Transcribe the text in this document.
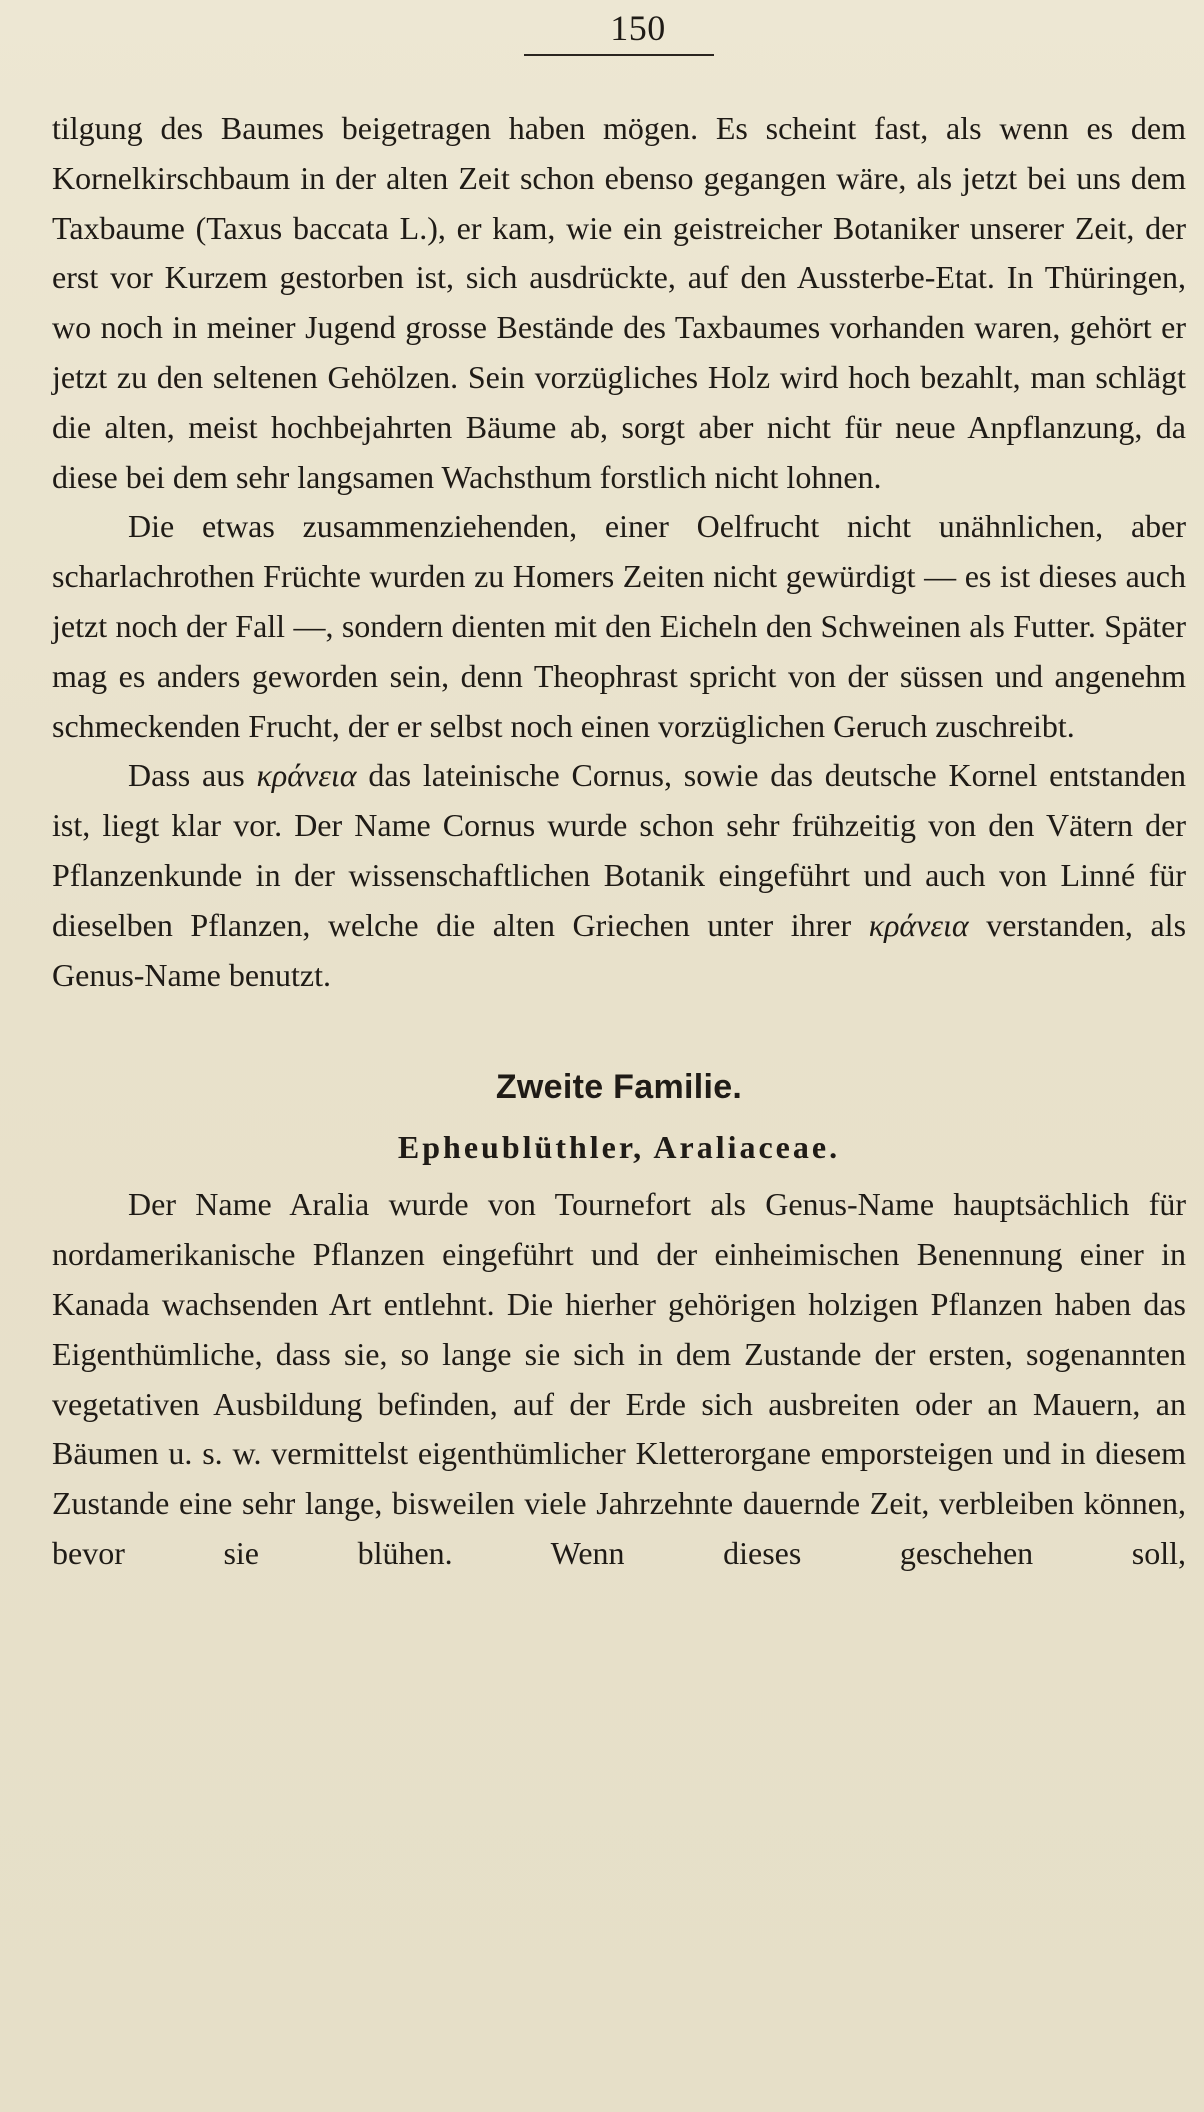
150

tilgung des Baumes beigetragen haben mögen. Es scheint fast, als wenn es dem Kornelkirschbaum in der alten Zeit schon ebenso gegangen wäre, als jetzt bei uns dem Taxbaume (Taxus baccata L.), er kam, wie ein geistreicher Botaniker unserer Zeit, der erst vor Kurzem gestorben ist, sich ausdrückte, auf den Aussterbe-Etat. In Thüringen, wo noch in meiner Jugend grosse Bestände des Taxbaumes vorhanden waren, gehört er jetzt zu den seltenen Gehölzen. Sein vorzügliches Holz wird hoch bezahlt, man schlägt die alten, meist hochbejahrten Bäume ab, sorgt aber nicht für neue Anpflanzung, da diese bei dem sehr langsamen Wachsthum forstlich nicht lohnen.

Die etwas zusammenziehenden, einer Oelfrucht nicht unähnlichen, aber scharlachrothen Früchte wurden zu Homers Zeiten nicht gewürdigt — es ist dieses auch jetzt noch der Fall —, sondern dienten mit den Eicheln den Schweinen als Futter. Später mag es anders geworden sein, denn Theophrast spricht von der süssen und angenehm schmeckenden Frucht, der er selbst noch einen vorzüglichen Geruch zuschreibt.

Dass aus κράνεια das lateinische Cornus, sowie das deutsche Kornel entstanden ist, liegt klar vor. Der Name Cornus wurde schon sehr frühzeitig von den Vätern der Pflanzenkunde in der wissenschaftlichen Botanik eingeführt und auch von Linné für dieselben Pflanzen, welche die alten Griechen unter ihrer κράνεια verstanden, als Genus-Name benutzt.

Zweite Familie.
Epheublüthler, Araliaceae.

Der Name Aralia wurde von Tournefort als Genus-Name hauptsächlich für nordamerikanische Pflanzen eingeführt und der einheimischen Benennung einer in Kanada wachsenden Art entlehnt. Die hierher gehörigen holzigen Pflanzen haben das Eigenthümliche, dass sie, so lange sie sich in dem Zustande der ersten, sogenannten vegetativen Ausbildung befinden, auf der Erde sich ausbreiten oder an Mauern, an Bäumen u. s. w. vermittelst eigenthümlicher Kletterorgane emporsteigen und in diesem Zustande eine sehr lange, bisweilen viele Jahrzehnte dauernde Zeit, verbleiben können, bevor sie blühen. Wenn dieses geschehen soll,
